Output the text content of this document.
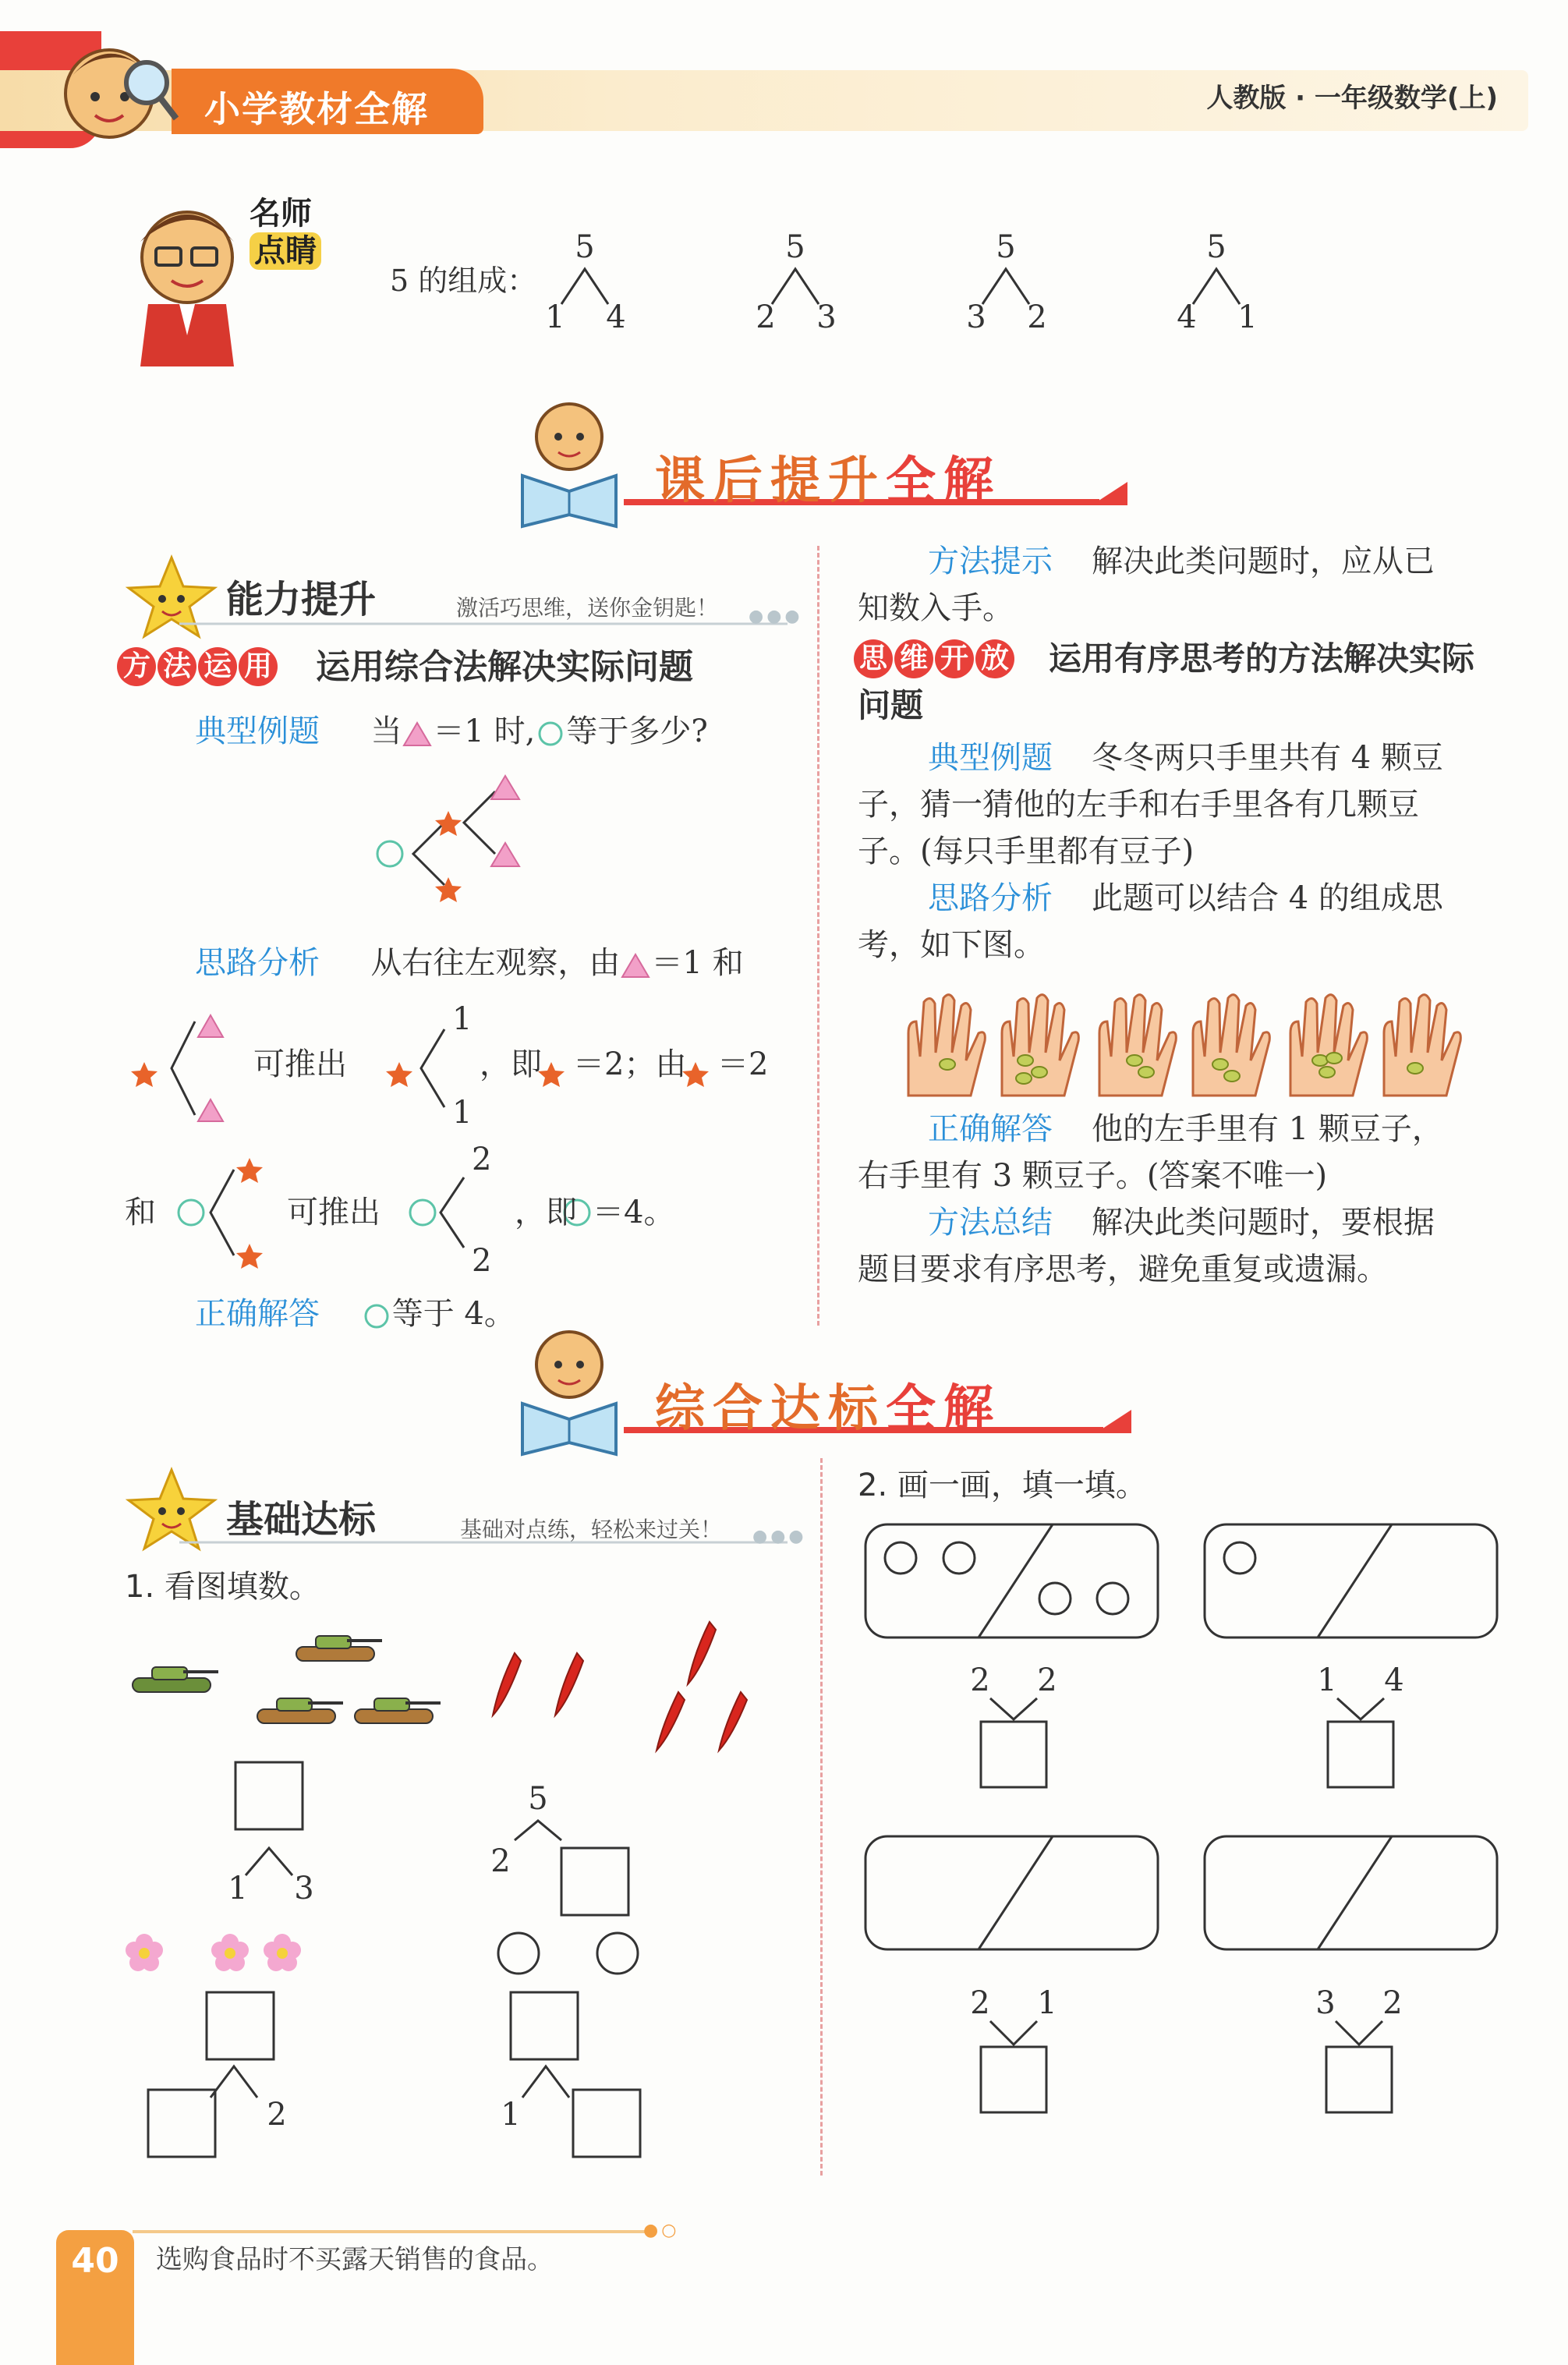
小学教材全解	人教版 · 一年级数学(上)
名师
点睛
5 的组成：
5
1 4
5
2 3
5
3 2
5
4 1
课后提升全解
能力提升	激活巧思维，送你金钥匙！ ●●●
方 法 运 用 运用综合法解决实际问题
典型例题 当 ＝1 时, 等于多少?
思路分析 从右往左观察，由 ＝1 和
1
1
可推出	，即 ＝2；由 ＝2
和
2
2
可推出	，即 ＝4。
正确解答 等于 4。
方法提示 解决此类问题时，应从已
知数入手。
思 维 开 放	运用有序思考的方法解决实际
问题
典型例题 冬冬两只手里共有 4 颗豆
子，猜一猜他的左手和右手里各有几颗豆
子。(每只手里都有豆子)
思路分析 此题可以结合 4 的组成思
考，如下图。
正确解答 他的左手里有 1 颗豆子，
右手里有 3 颗豆子。(答案不唯一)
方法总结 解决此类问题时，要根据
题目要求有序思考，避免重复或遗漏。
综合达标全解
基础达标	基础对点练，轻松来过关！ ●●●
1. 看图填数。
1 3
5
2
2	1
2. 画一画，填一填。
2 2	1 4
2 1	3 2
●○
40	选购食品时不买露天销售的食品。
